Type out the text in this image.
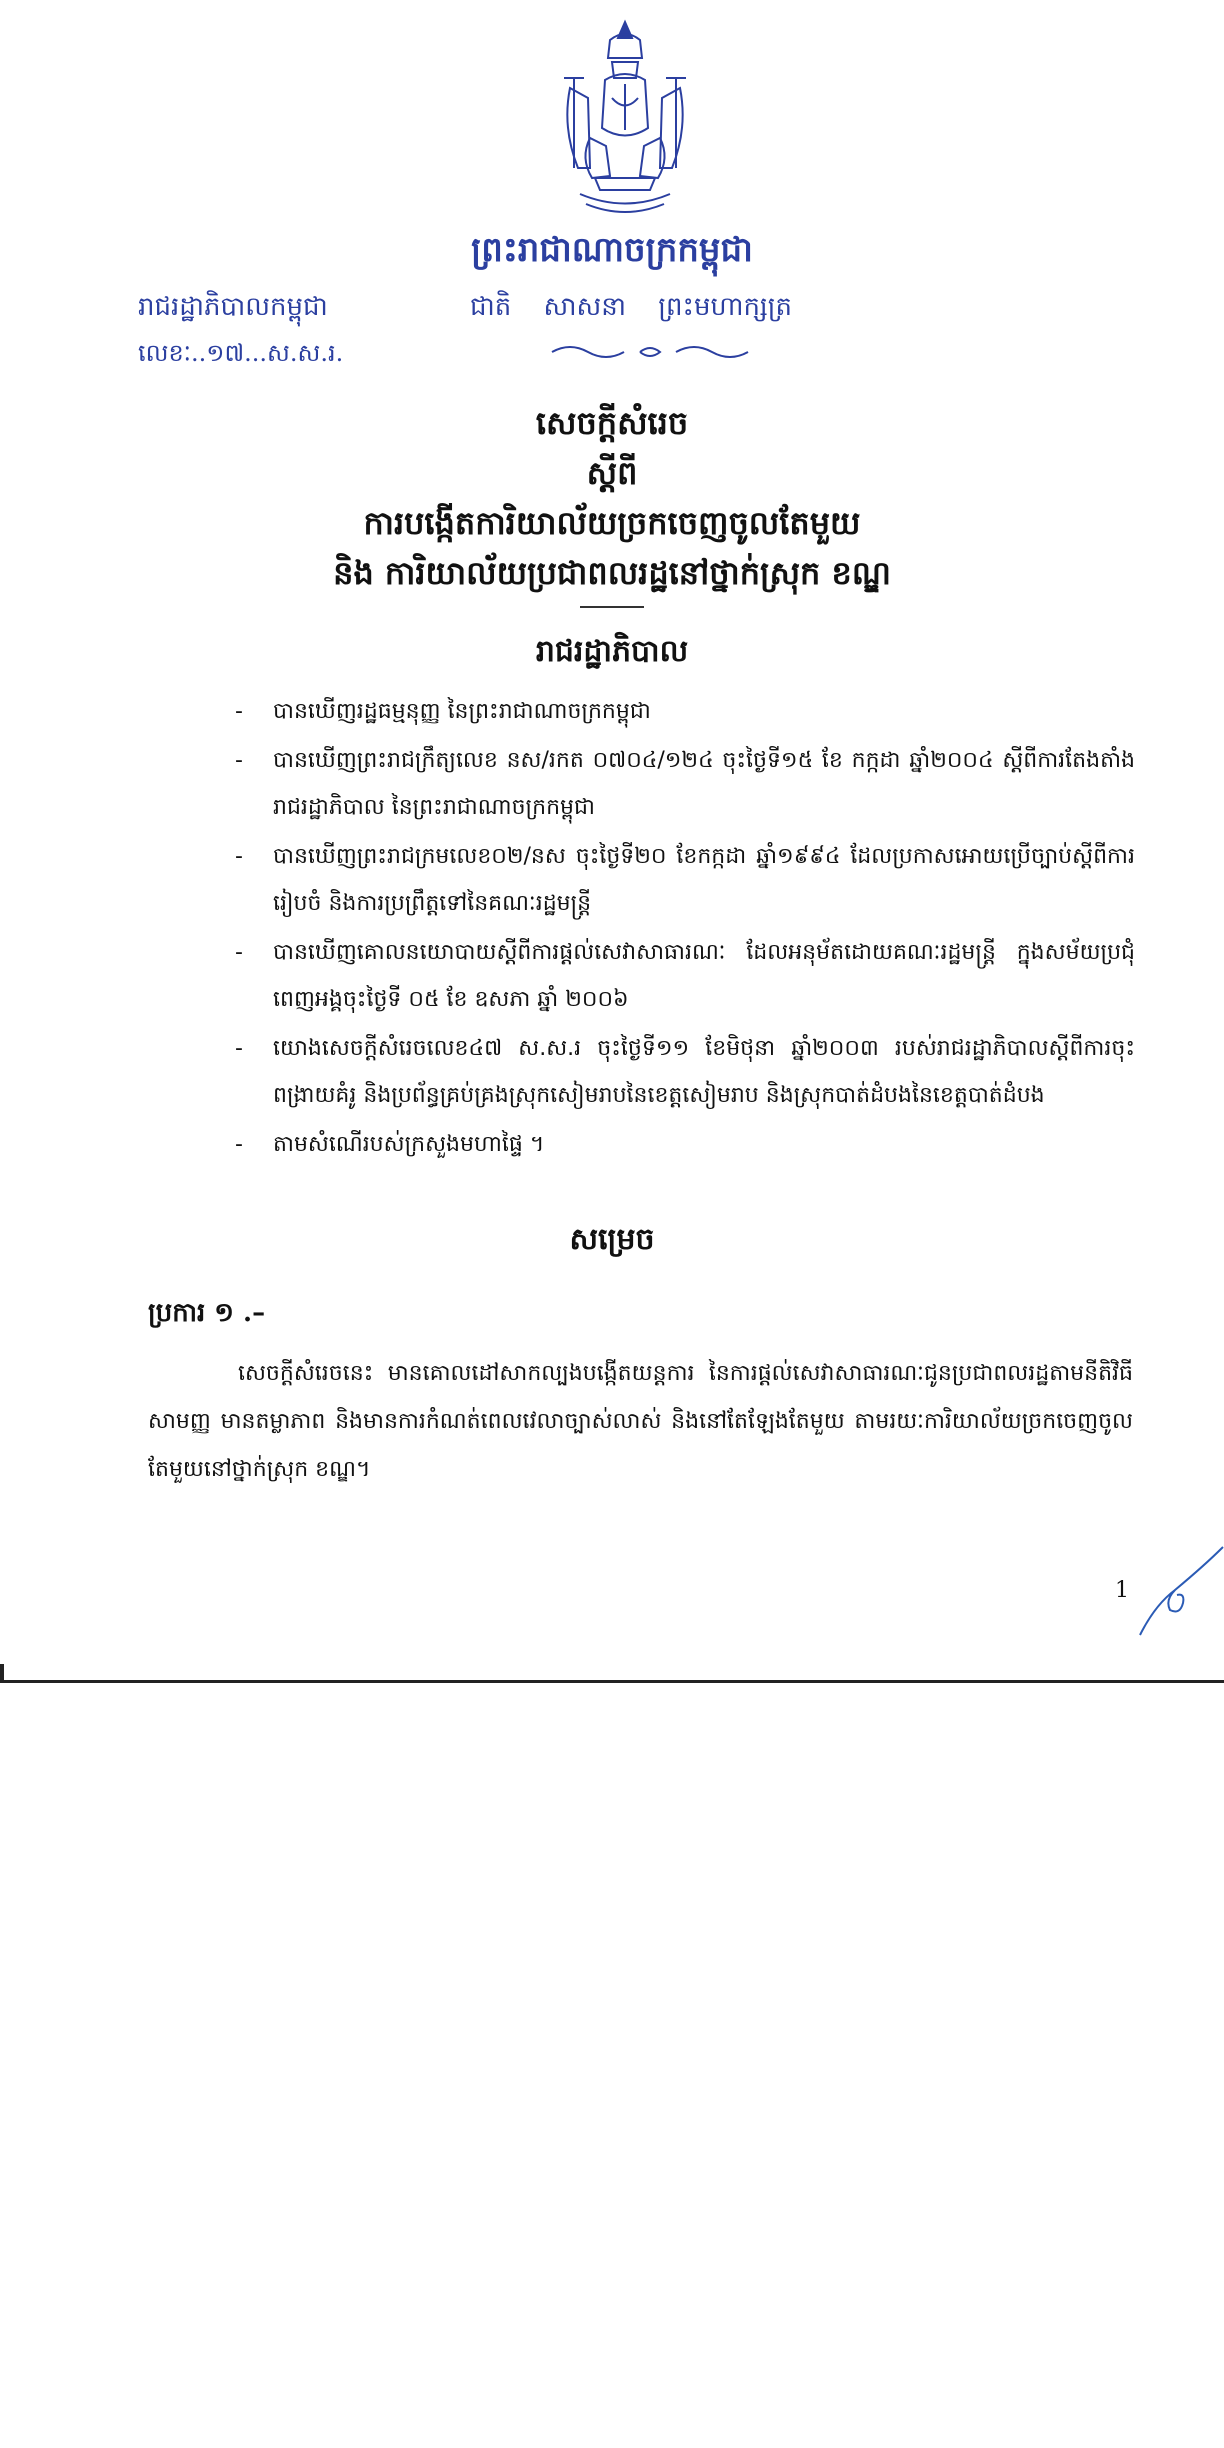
ព្រះរាជាណាចក្រកម្ពុជា
រាជរដ្ឋាភិបាលកម្ពុជា	ជាតិ សាសនា ព្រះមហាក្សត្រ
លេខៈ..១៧...ស.ស.រ.
សេចក្តីសំរេច
ស្តីពី
ការបង្កើតការិយាល័យច្រកចេញចូលតែមួយ
និង ការិយាល័យប្រជាពលរដ្ឋនៅថ្នាក់ស្រុក ខណ្ឌ
រាជរដ្ឋាភិបាល
- បានឃើញរដ្ឋធម្មនុញ្ញ នៃព្រះរាជាណាចក្រកម្ពុជា
- បានឃើញព្រះរាជក្រឹត្យលេខ នស/រកត ០៧០៤/១២៤ ចុះថ្ងៃទី១៥ ខែ កក្កដា ឆ្នាំ២០០៤ ស្តីពីការតែងតាំងរាជរដ្ឋាភិបាល នៃព្រះរាជាណាចក្រកម្ពុជា
- បានឃើញព្រះរាជក្រមលេខ០២/នស ចុះថ្ងៃទី២០ ខែកក្កដា ឆ្នាំ១៩៩៤ ដែលប្រកាសអោយប្រើច្បាប់ស្តីពីការរៀបចំ និងការប្រព្រឹត្តទៅនៃគណៈរដ្ឋមន្ត្រី
- បានឃើញគោលនយោបាយស្តីពីការផ្តល់សេវាសាធារណៈ ដែលអនុម័តដោយគណៈរដ្ឋមន្ត្រី ក្នុងសម័យប្រជុំពេញអង្គចុះថ្ងៃទី ០៥ ខែ ឧសភា ឆ្នាំ ២០០៦
- យោងសេចក្តីសំរេចលេខ៤៧ ស.ស.រ ចុះថ្ងៃទី១១ ខែមិថុនា ឆ្នាំ២០០៣ របស់រាជរដ្ឋាភិបាលស្តីពីការចុះពង្រាយគំរូ និងប្រព័ន្ធគ្រប់គ្រងស្រុកសៀមរាបនៃខេត្តសៀមរាប និងស្រុកបាត់ដំបងនៃខេត្តបាត់ដំបង
- តាមសំណើរបស់ក្រសួងមហាផ្ទៃ ។
សម្រេច
ប្រការ ១ .–
សេចក្តីសំរេចនេះ មានគោលដៅសាកល្បងបង្កើតយន្តការ នៃការផ្តល់សេវាសាធារណៈជូនប្រជាពលរដ្ឋតាមនីតិវិធីសាមញ្ញ មានតម្លាភាព និងមានការកំណត់ពេលវេលាច្បាស់លាស់ និងនៅតែឡែងតែមួយ តាមរយៈការិយាល័យច្រកចេញចូលតែមួយនៅថ្នាក់ស្រុក ខណ្ឌ។
1
